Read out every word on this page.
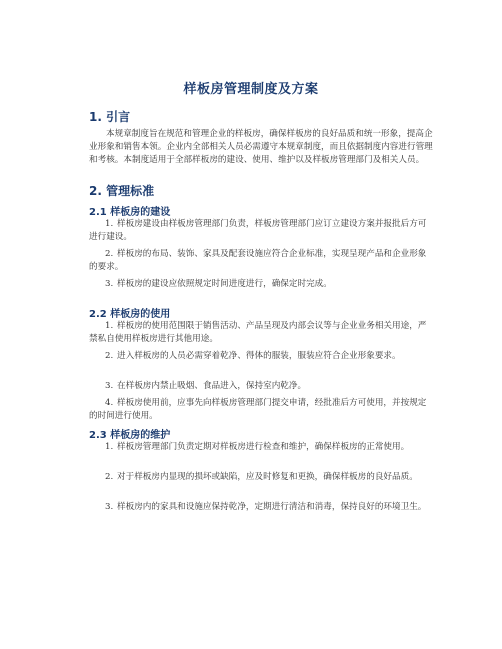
样板房管理制度及方案
1. 引言

本规章制度旨在规范和管理企业的样板房，确保样板房的良好品质和统一形象，提高企业形象和销售本领。企业内全部相关人员必需遵守本规章制度，而且依据制度内容进行管理和考核。本制度适用于全部样板房的建设、使用、维护以及样板房管理部门及相关人员。

2. 管理标准
2.1 样板房的建设

1. 样板房建设由样板房管理部门负责，样板房管理部门应订立建设方案并报批后方可进行建设。

2. 样板房的布局、装饰、家具及配套设施应符合企业标准，实现呈现产品和企业形象的要求。

3. 样板房的建设应依照规定时间进度进行，确保定时完成。

2.2 样板房的使用

1. 样板房的使用范围限于销售活动、产品呈现及内部会议等与企业业务相关用途，严禁私自使用样板房进行其他用途。

2. 进入样板房的人员必需穿着乾净、得体的服装，服装应符合企业形象要求。

3. 在样板房内禁止吸烟、食品进入，保持室内乾净。

4. 样板房使用前，应事先向样板房管理部门提交申请，经批准后方可使用，并按规定的时间进行使用。

2.3 样板房的维护

1. 样板房管理部门负责定期对样板房进行检查和维护，确保样板房的正常使用。

2. 对于样板房内显现的损坏或缺陷，应及时修复和更换，确保样板房的良好品质。

3. 样板房内的家具和设施应保持乾净，定期进行清洁和消毒，保持良好的环境卫生。
